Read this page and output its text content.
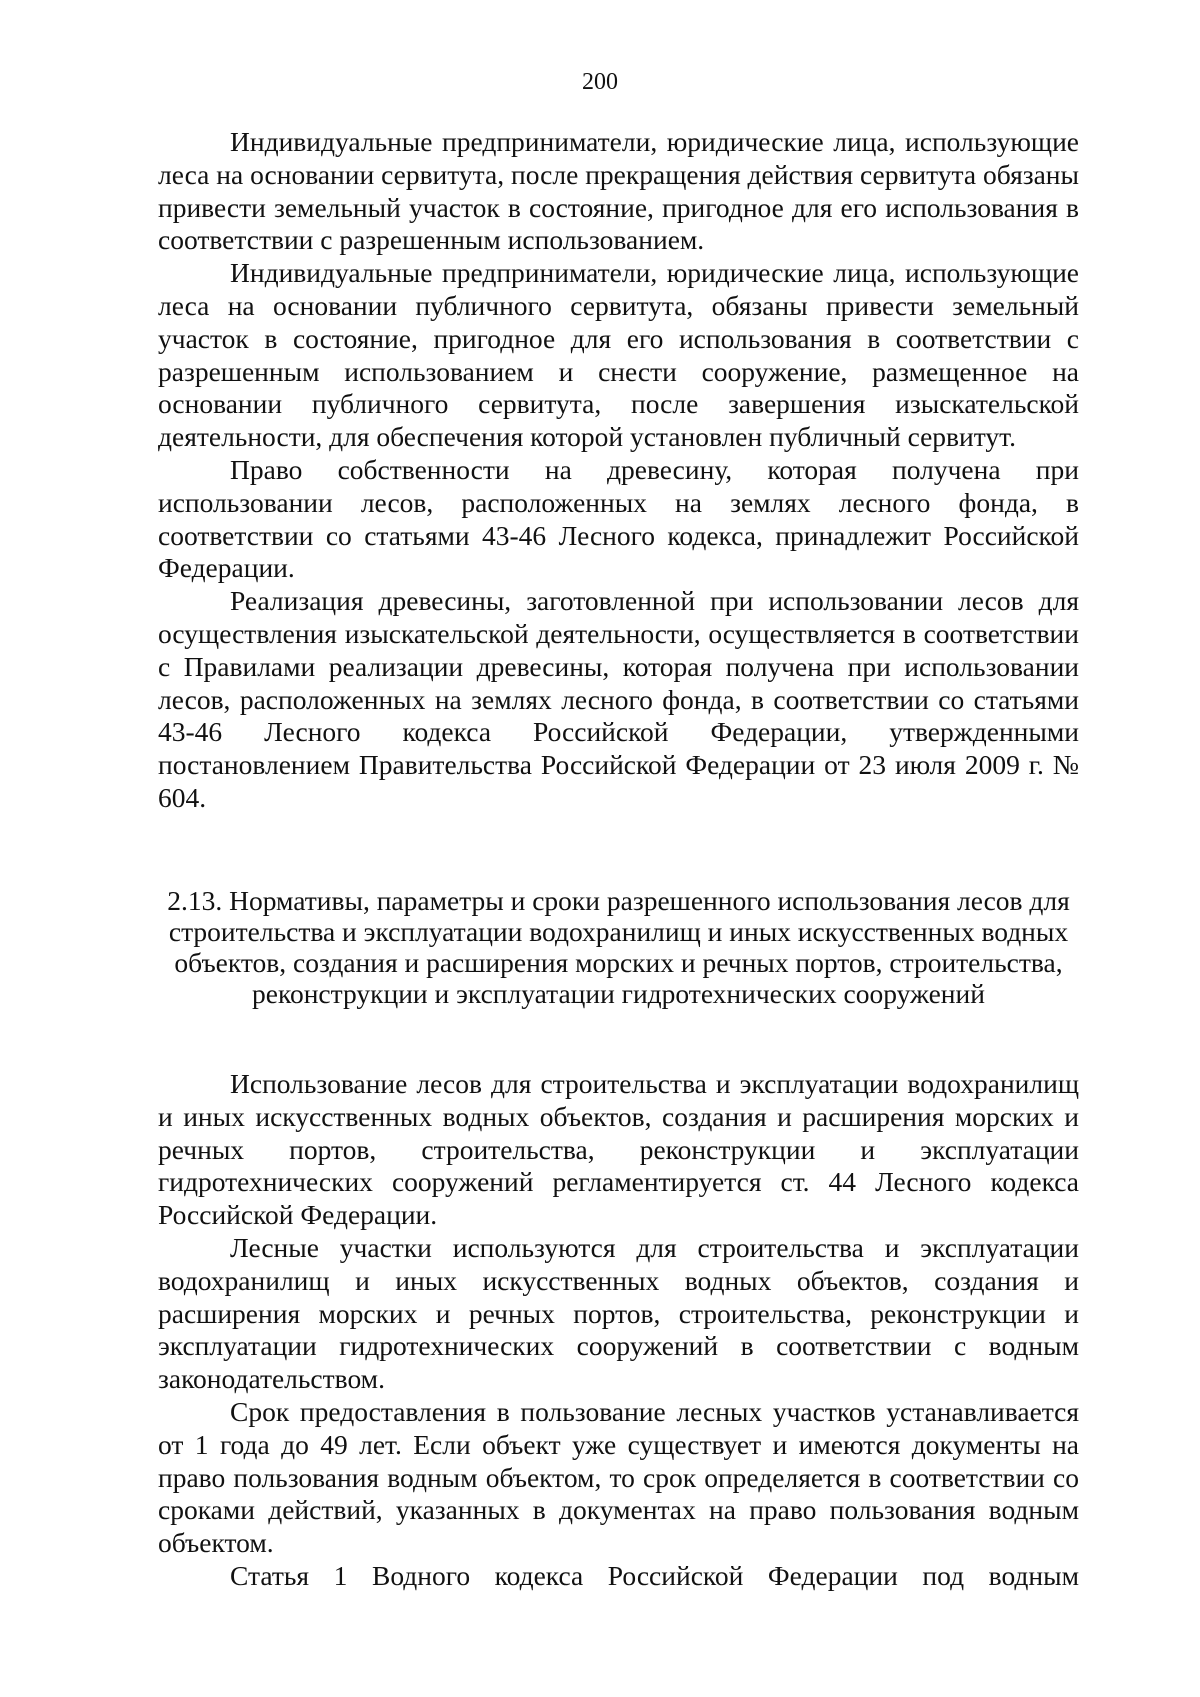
200

Индивидуальные предприниматели, юридические лица, использующие леса на основании сервитута, после прекращения действия сервитута обязаны привести земельный участок в состояние, пригодное для его использования в соответствии с разрешенным использованием.

Индивидуальные предприниматели, юридические лица, использующие леса на основании публичного сервитута, обязаны привести земельный участок в состояние, пригодное для его использования в соответствии с разрешенным использованием и снести сооружение, размещенное на основании публичного сервитута, после завершения изыскательской деятельности, для обеспечения которой установлен публичный сервитут.

Право собственности на древесину, которая получена при использовании лесов, расположенных на землях лесного фонда, в соответствии со статьями 43-46 Лесного кодекса, принадлежит Российской Федерации.

Реализация древесины, заготовленной при использовании лесов для осуществления изыскательской деятельности, осуществляется в соответствии с Правилами реализации древесины, которая получена при использовании лесов, расположенных на землях лесного фонда, в соответствии со статьями 43-46 Лесного кодекса Российской Федерации, утвержденными постановлением Правительства Российской Федерации от 23 июля 2009 г. № 604.

2.13. Нормативы, параметры и сроки разрешенного использования лесов для строительства и эксплуатации водохранилищ и иных искусственных водных объектов, создания и расширения морских и речных портов, строительства, реконструкции и эксплуатации гидротехнических сооружений

Использование лесов для строительства и эксплуатации водохранилищ и иных искусственных водных объектов, создания и расширения морских и речных портов, строительства, реконструкции и эксплуатации гидротехнических сооружений регламентируется ст. 44 Лесного кодекса Российской Федерации.

Лесные участки используются для строительства и эксплуатации водохранилищ и иных искусственных водных объектов, создания и расширения морских и речных портов, строительства, реконструкции и эксплуатации гидротехнических сооружений в соответствии с водным законодательством.

Срок предоставления в пользование лесных участков устанавливается от 1 года до 49 лет. Если объект уже существует и имеются документы на право пользования водным объектом, то срок определяется в соответствии со сроками действий, указанных в документах на право пользования водным объектом.

Статья 1 Водного кодекса Российской Федерации под водным
